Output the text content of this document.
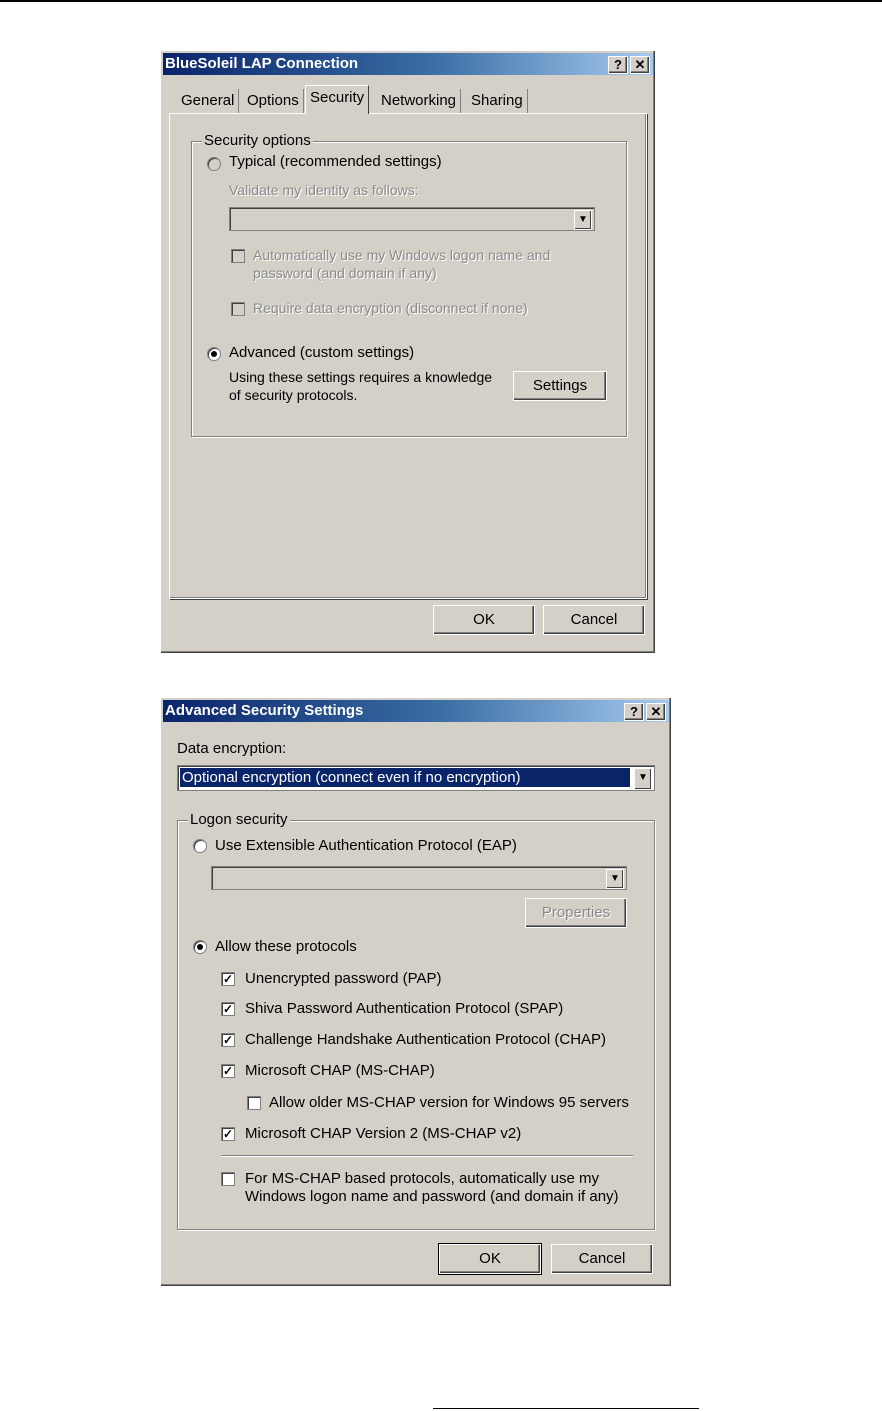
BlueSoleil LAP Connection	? ✕
General Options Security	Networking Sharing
Security options
Typical (recommended settings)
Validate my identity as follows:
▼
Automatically use my Windows logon name and
password (and domain if any)
Require data encryption (disconnect if none)
Advanced (custom settings)
Using these settings requires a knowledge
of security protocols.
Settings
OK	Cancel
Advanced Security Settings	? ✕
Data encryption:
Optional encryption (connect even if no encryption)	▼
Logon security
Use Extensible Authentication Protocol (EAP)
▼
Properties
Allow these protocols
✓ Unencrypted password (PAP)
✓ Shiva Password Authentication Protocol (SPAP)
✓ Challenge Handshake Authentication Protocol (CHAP)
✓ Microsoft CHAP (MS-CHAP)
Allow older MS-CHAP version for Windows 95 servers
✓ Microsoft CHAP Version 2 (MS-CHAP v2)
For MS-CHAP based protocols, automatically use my
Windows logon name and password (and domain if any)
OK	Cancel
